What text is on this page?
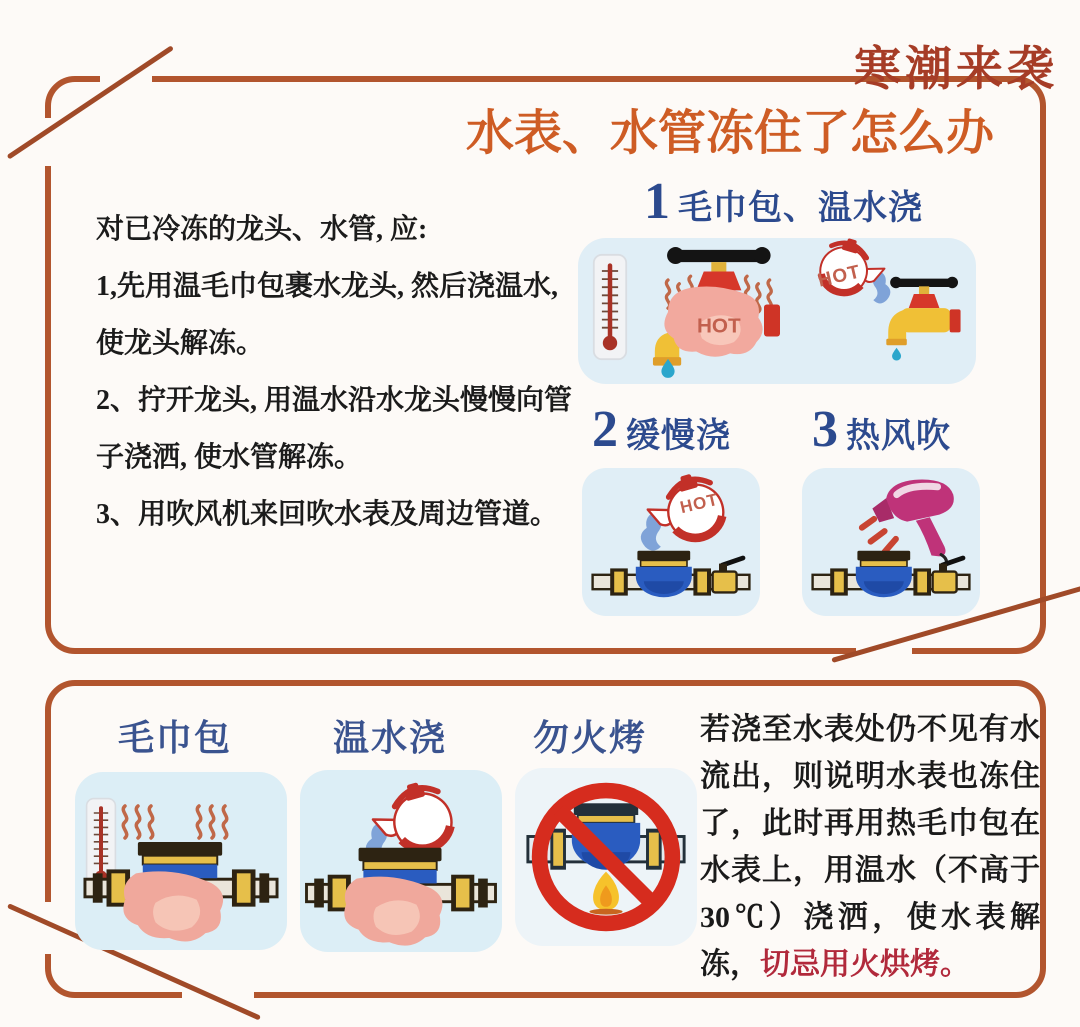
寒潮来袭
水表、水管冻住了怎么办

对已冷冻的龙头、水管, 应:

1,先用温毛巾包裹水龙头, 然后浇温水,

使龙头解冻。

2、拧开龙头, 用温水沿水龙头慢慢向管

子浇洒, 使水管解冻。

3、用吹风机来回吹水表及周边管道。

1 毛巾包、温水浇
2 缓慢浇 3 热风吹
HOT
HOT
毛巾包	温水浇	勿火烤	若浇至水表处仍不见有水流出，则说明水表也冻住了，此时再用热毛巾包在水表上，用温水（不高于30℃）浇洒，使水表解冻，切忌用火烘烤。
